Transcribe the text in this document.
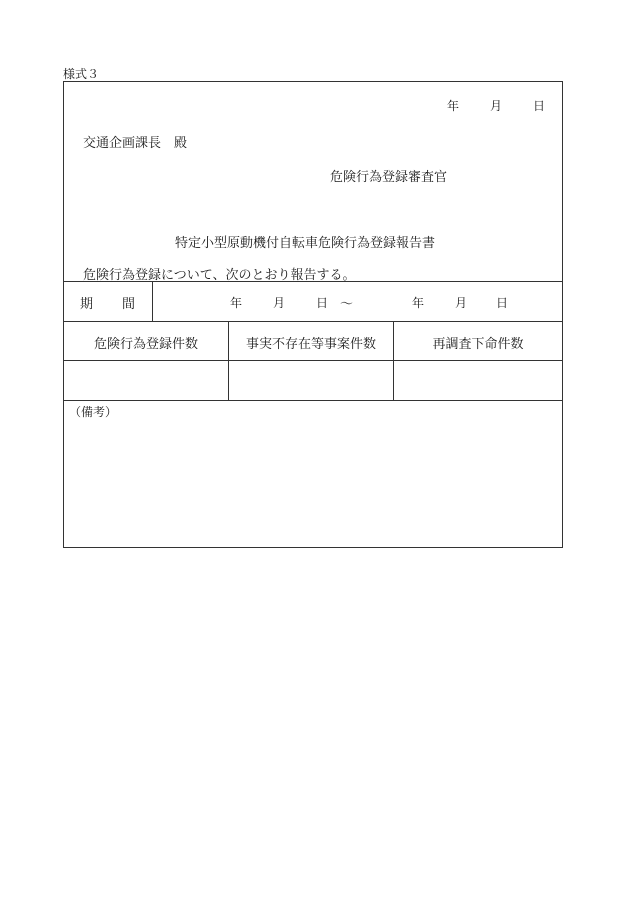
様式３
年	月	日
交通企画課長　殿
危険行為登録審査官
特定小型原動機付自転車危険行為登録報告書
危険行為登録について、次のとおり報告する。
期 間	年	月	日 ～	年	月 日
危険行為登録件数	事実不存在等事案件数	再調査下命件数
（備考）
